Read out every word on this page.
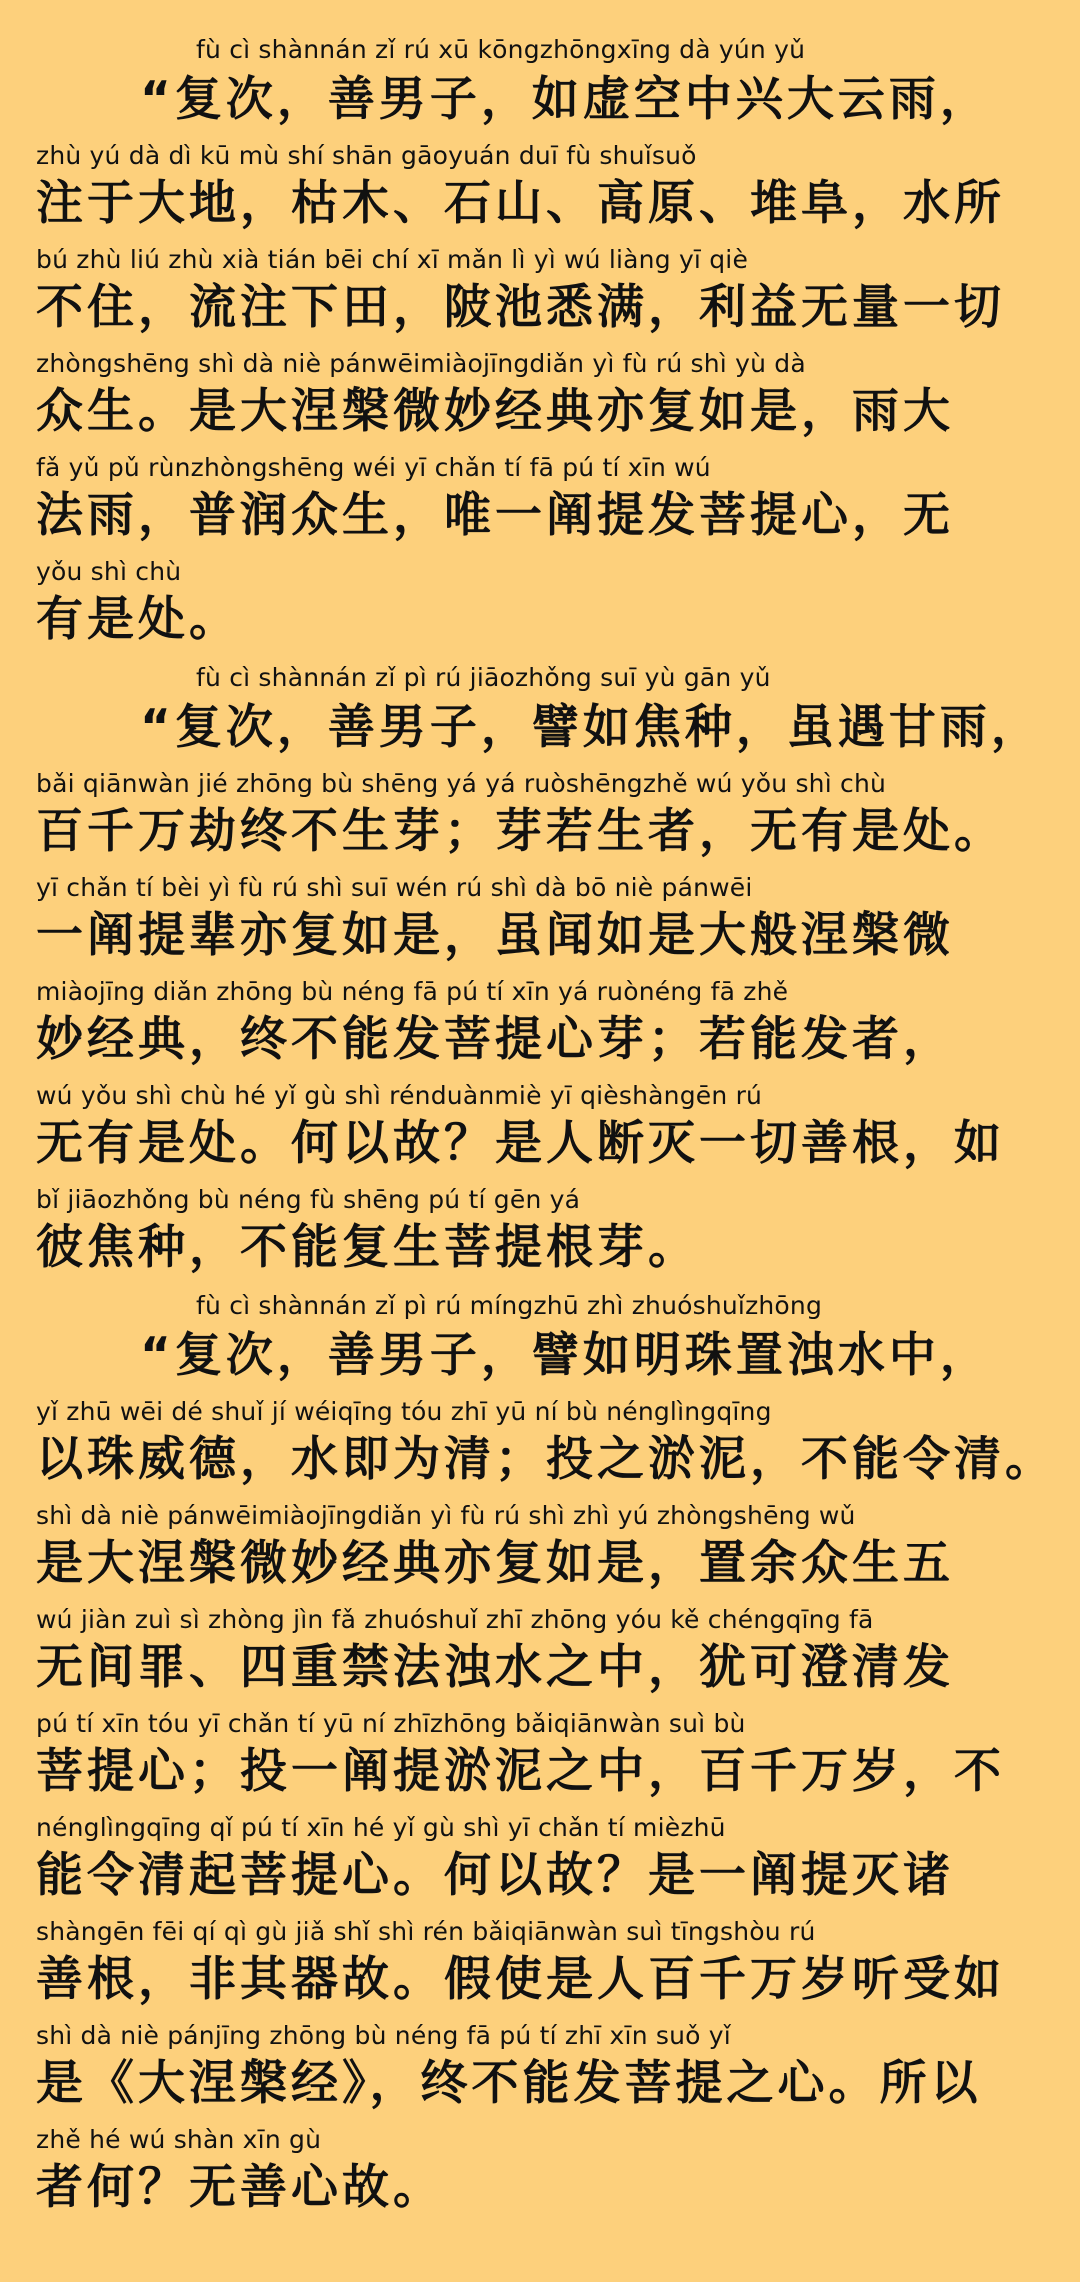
fù cì shànnán zǐ rú xū kōngzhōngxīng dà yún yǔ
“复次，善男子，如虚空中兴大云雨，
zhù yú dà dì kū mù shí shān gāoyuán duī fù shuǐsuǒ
注于大地，枯木、石山、高原、堆阜，水所
bú zhù liú zhù xià tián bēi chí xī mǎn lì yì wú liàng yī qiè
不住，流注下田，陂池悉满，利益无量一切
zhòngshēng shì dà niè pánwēimiàojīngdiǎn yì fù rú shì yù dà
众生。是大涅槃微妙经典亦复如是，雨大
fǎ yǔ pǔ rùnzhòngshēng wéi yī chǎn tí fā pú tí xīn wú
法雨，普润众生，唯一阐提发菩提心，无
yǒu shì chù
有是处。
fù cì shànnán zǐ pì rú jiāozhǒng suī yù gān yǔ
“复次，善男子，譬如焦种，虽遇甘雨，
bǎi qiānwàn jié zhōng bù shēng yá yá ruòshēngzhě wú yǒu shì chù
百千万劫终不生芽；芽若生者，无有是处。
yī chǎn tí bèi yì fù rú shì suī wén rú shì dà bō niè pánwēi
一阐提辈亦复如是，虽闻如是大般涅槃微
miàojīng diǎn zhōng bù néng fā pú tí xīn yá ruònéng fā zhě
妙经典，终不能发菩提心芽；若能发者，
wú yǒu shì chù hé yǐ gù shì rénduànmiè yī qièshàngēn rú
无有是处。何以故？是人断灭一切善根，如
bǐ jiāozhǒng bù néng fù shēng pú tí gēn yá
彼焦种，不能复生菩提根芽。
fù cì shànnán zǐ pì rú míngzhū zhì zhuóshuǐzhōng
“复次，善男子，譬如明珠置浊水中，
yǐ zhū wēi dé shuǐ jí wéiqīng tóu zhī yū ní bù nénglìngqīng
以珠威德，水即为清；投之淤泥，不能令清。
shì dà niè pánwēimiàojīngdiǎn yì fù rú shì zhì yú zhòngshēng wǔ
是大涅槃微妙经典亦复如是，置余众生五
wú jiàn zuì sì zhòng jìn fǎ zhuóshuǐ zhī zhōng yóu kě chéngqīng fā
无间罪、四重禁法浊水之中，犹可澄清发
pú tí xīn tóu yī chǎn tí yū ní zhīzhōng bǎiqiānwàn suì bù
菩提心；投一阐提淤泥之中，百千万岁，不
nénglìngqīng qǐ pú tí xīn hé yǐ gù shì yī chǎn tí mièzhū
能令清起菩提心。何以故？是一阐提灭诸
shàngēn fēi qí qì gù jiǎ shǐ shì rén bǎiqiānwàn suì tīngshòu rú
善根，非其器故。假使是人百千万岁听受如
shì dà niè pánjīng zhōng bù néng fā pú tí zhī xīn suǒ yǐ
是《大涅槃经》，终不能发菩提之心。所以
zhě hé wú shàn xīn gù
者何？无善心故。
